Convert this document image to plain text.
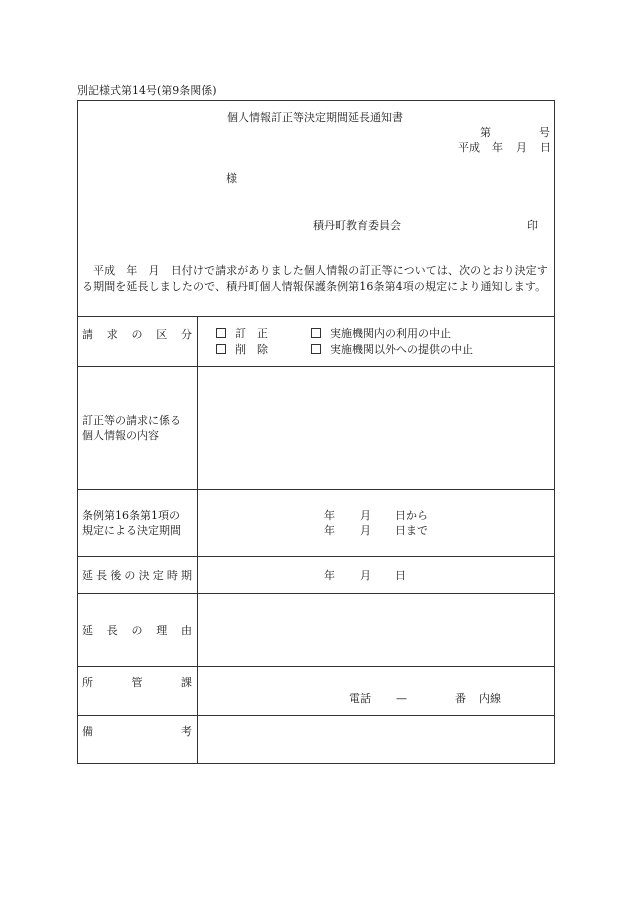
別記様式第14号(第9条関係)
個人情報訂正等決定期間延長通知書
第	号
平成 年 月 日
様
積丹町教育委員会	印
平成　年　月　日付けで請求がありました個人情報の訂正等については、次のとおり決定する期間を延長しましたので、積丹町個人情報保護条例第16条第4項の規定により通知します。
請 求 の 区 分	訂　正	実施機関内の利用の中止
削　除	実施機関以外への提供の中止
訂正等の請求に係る
個人情報の内容
条例第16条第1項の
規定による決定期間
年 月 日から
年 月 日まで
延 長 後 の 決 定 時 期	年 月 日
延 長 の 理 由
所	管	課
電話 —	番 内線
備	考
